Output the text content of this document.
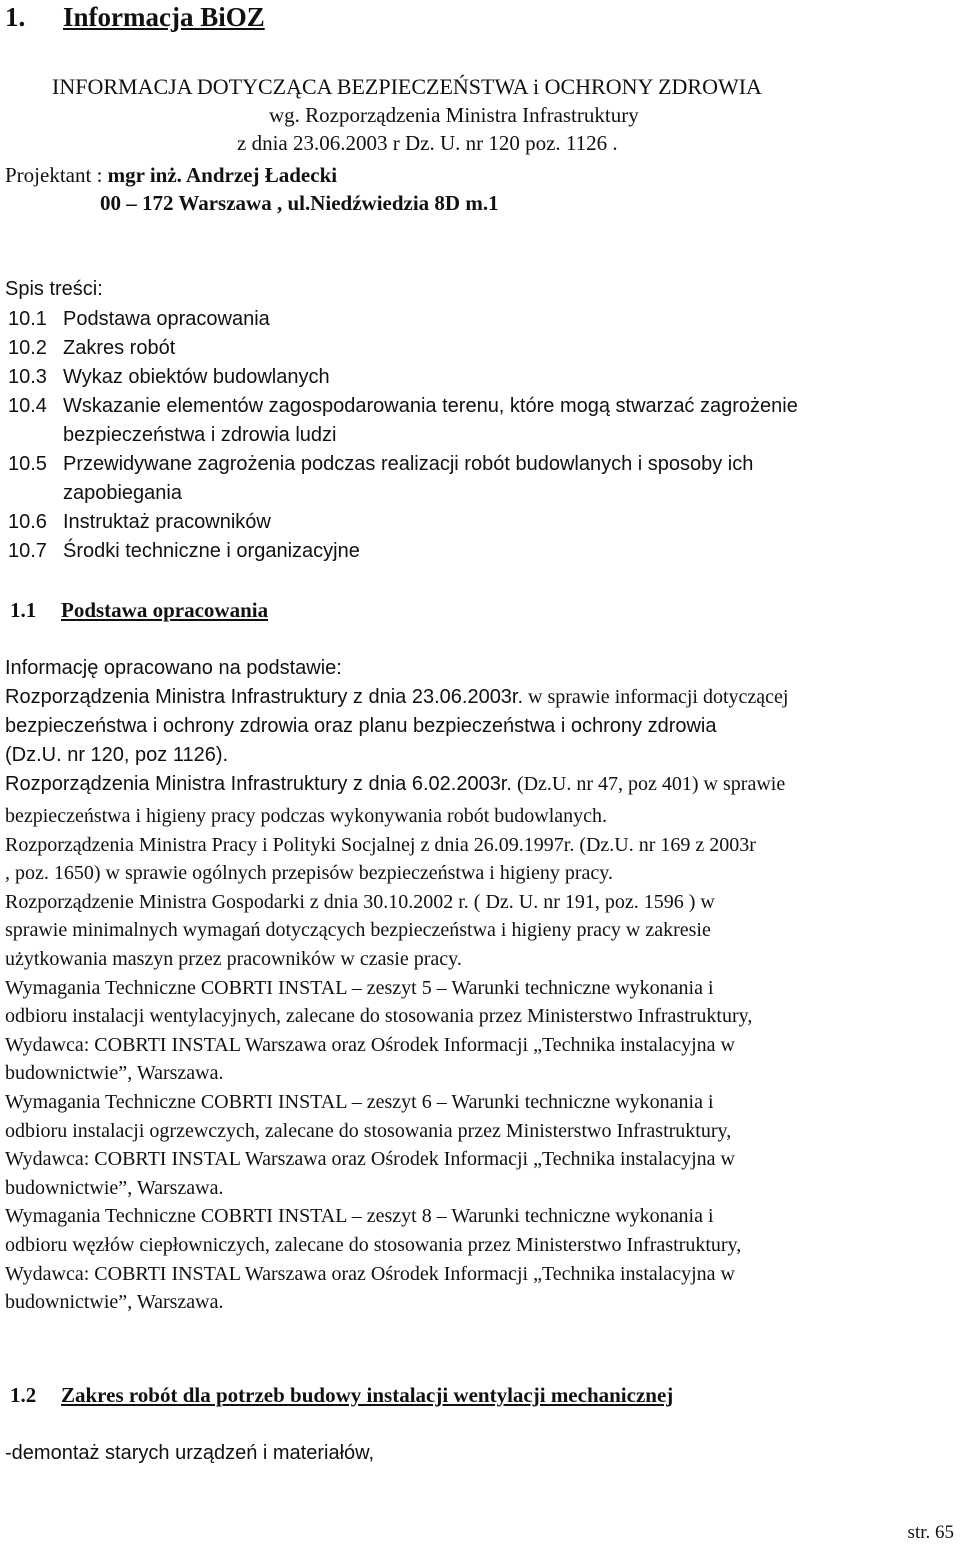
1. Informacja BiOZ
INFORMACJA DOTYCZĄCA BEZPIECZEŃSTWA i OCHRONY ZDROWIA
wg. Rozporządzenia Ministra Infrastruktury
z dnia 23.06.2003 r Dz. U. nr 120 poz. 1126 .
Projektant : mgr inż. Andrzej Ładecki
00 – 172 Warszawa , ul.Niedźwiedzia 8D m.1
Spis treści:
10.1 Podstawa opracowania
10.2 Zakres robót
10.3 Wykaz obiektów budowlanych
10.4 Wskazanie elementów zagospodarowania terenu, które mogą stwarzać zagrożenie
bezpieczeństwa i zdrowia ludzi
10.5 Przewidywane zagrożenia podczas realizacji robót budowlanych i sposoby ich
zapobiegania
10.6 Instruktaż pracowników
10.7 Środki techniczne i organizacyjne
1.1 Podstawa opracowania
Informację opracowano na podstawie:
Rozporządzenia Ministra Infrastruktury z dnia 23.06.2003r. w sprawie informacji dotyczącej
bezpieczeństwa i ochrony zdrowia oraz planu bezpieczeństwa i ochrony zdrowia
(Dz.U. nr 120, poz 1126).
Rozporządzenia Ministra Infrastruktury z dnia 6.02.2003r. (Dz.U. nr 47, poz 401) w sprawie
bezpieczeństwa i higieny pracy podczas wykonywania robót budowlanych.
Rozporządzenia Ministra Pracy i Polityki Socjalnej z dnia 26.09.1997r. (Dz.U. nr 169 z 2003r
, poz. 1650) w sprawie ogólnych przepisów bezpieczeństwa i higieny pracy.
Rozporządzenie Ministra Gospodarki z dnia 30.10.2002 r. ( Dz. U. nr 191, poz. 1596 ) w
sprawie minimalnych wymagań dotyczących bezpieczeństwa i higieny pracy w zakresie
użytkowania maszyn przez pracowników w czasie pracy.
Wymagania Techniczne COBRTI INSTAL – zeszyt 5 – Warunki techniczne wykonania i
odbioru instalacji wentylacyjnych, zalecane do stosowania przez Ministerstwo Infrastruktury,
Wydawca: COBRTI INSTAL Warszawa oraz Ośrodek Informacji „Technika instalacyjna w
budownictwie”, Warszawa.
Wymagania Techniczne COBRTI INSTAL – zeszyt 6 – Warunki techniczne wykonania i
odbioru instalacji ogrzewczych, zalecane do stosowania przez Ministerstwo Infrastruktury,
Wydawca: COBRTI INSTAL Warszawa oraz Ośrodek Informacji „Technika instalacyjna w
budownictwie”, Warszawa.
Wymagania Techniczne COBRTI INSTAL – zeszyt 8 – Warunki techniczne wykonania i
odbioru węzłów ciepłowniczych, zalecane do stosowania przez Ministerstwo Infrastruktury,
Wydawca: COBRTI INSTAL Warszawa oraz Ośrodek Informacji „Technika instalacyjna w
budownictwie”, Warszawa.
1.2 Zakres robót dla potrzeb budowy instalacji wentylacji mechanicznej
-demontaż starych urządzeń i materiałów,
str. 65
